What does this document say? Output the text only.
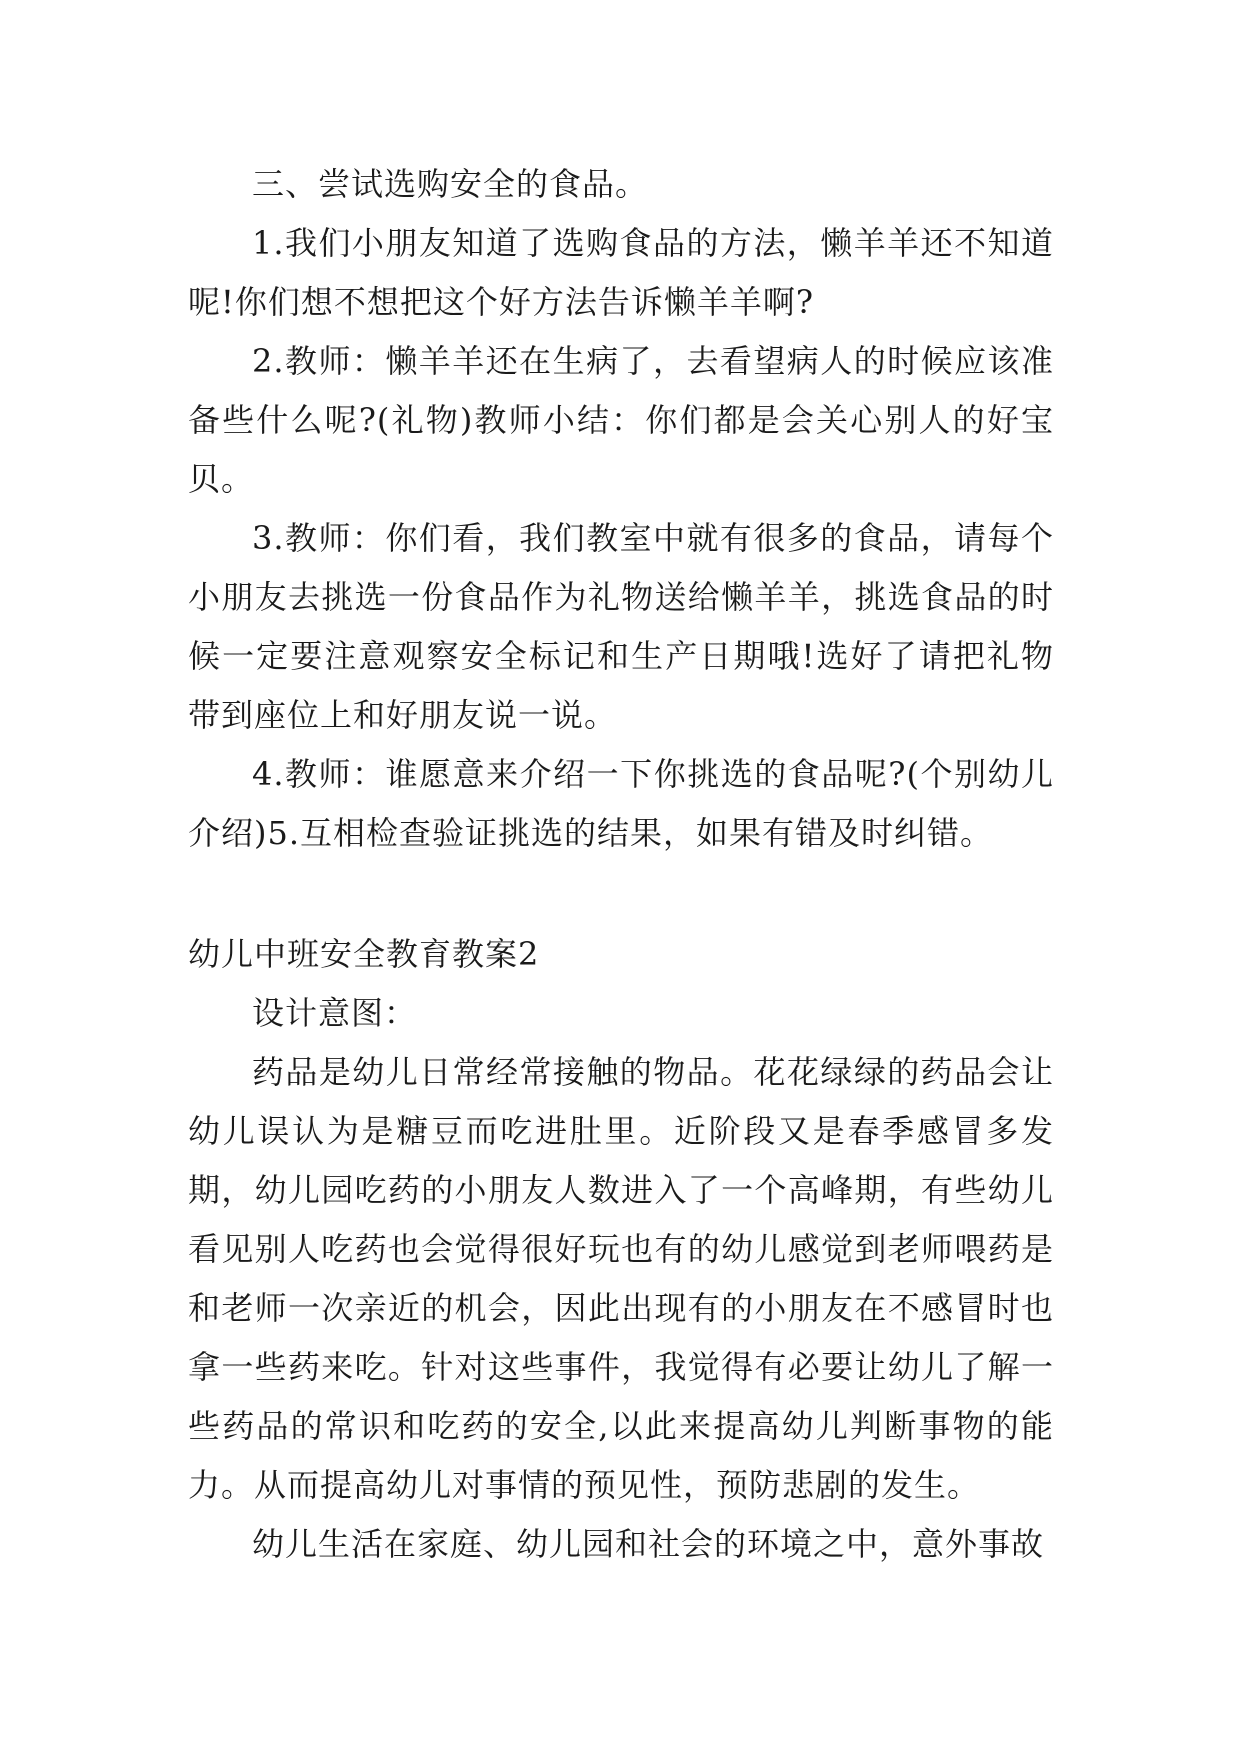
三、尝试选购安全的食品。

1.我们小朋友知道了选购食品的方法，懒羊羊还不知道呢!你们想不想把这个好方法告诉懒羊羊啊?

2.教师：懒羊羊还在生病了，去看望病人的时候应该准备些什么呢?(礼物)教师小结：你们都是会关心别人的好宝贝。

3.教师：你们看，我们教室中就有很多的食品，请每个小朋友去挑选一份食品作为礼物送给懒羊羊，挑选食品的时候一定要注意观察安全标记和生产日期哦!选好了请把礼物带到座位上和好朋友说一说。

4.教师：谁愿意来介绍一下你挑选的食品呢?(个别幼儿介绍)5.互相检查验证挑选的结果，如果有错及时纠错。

幼儿中班安全教育教案2

设计意图：

药品是幼儿日常经常接触的物品。花花绿绿的药品会让幼儿误认为是糖豆而吃进肚里。近阶段又是春季感冒多发期，幼儿园吃药的小朋友人数进入了一个高峰期，有些幼儿看见别人吃药也会觉得很好玩也有的幼儿感觉到老师喂药是和老师一次亲近的机会，因此出现有的小朋友在不感冒时也拿一些药来吃。针对这些事件，我觉得有必要让幼儿了解一些药品的常识和吃药的安全,以此来提高幼儿判断事物的能力。从而提高幼儿对事情的预见性，预防悲剧的发生。

幼儿生活在家庭、幼儿园和社会的环境之中，意外事故
